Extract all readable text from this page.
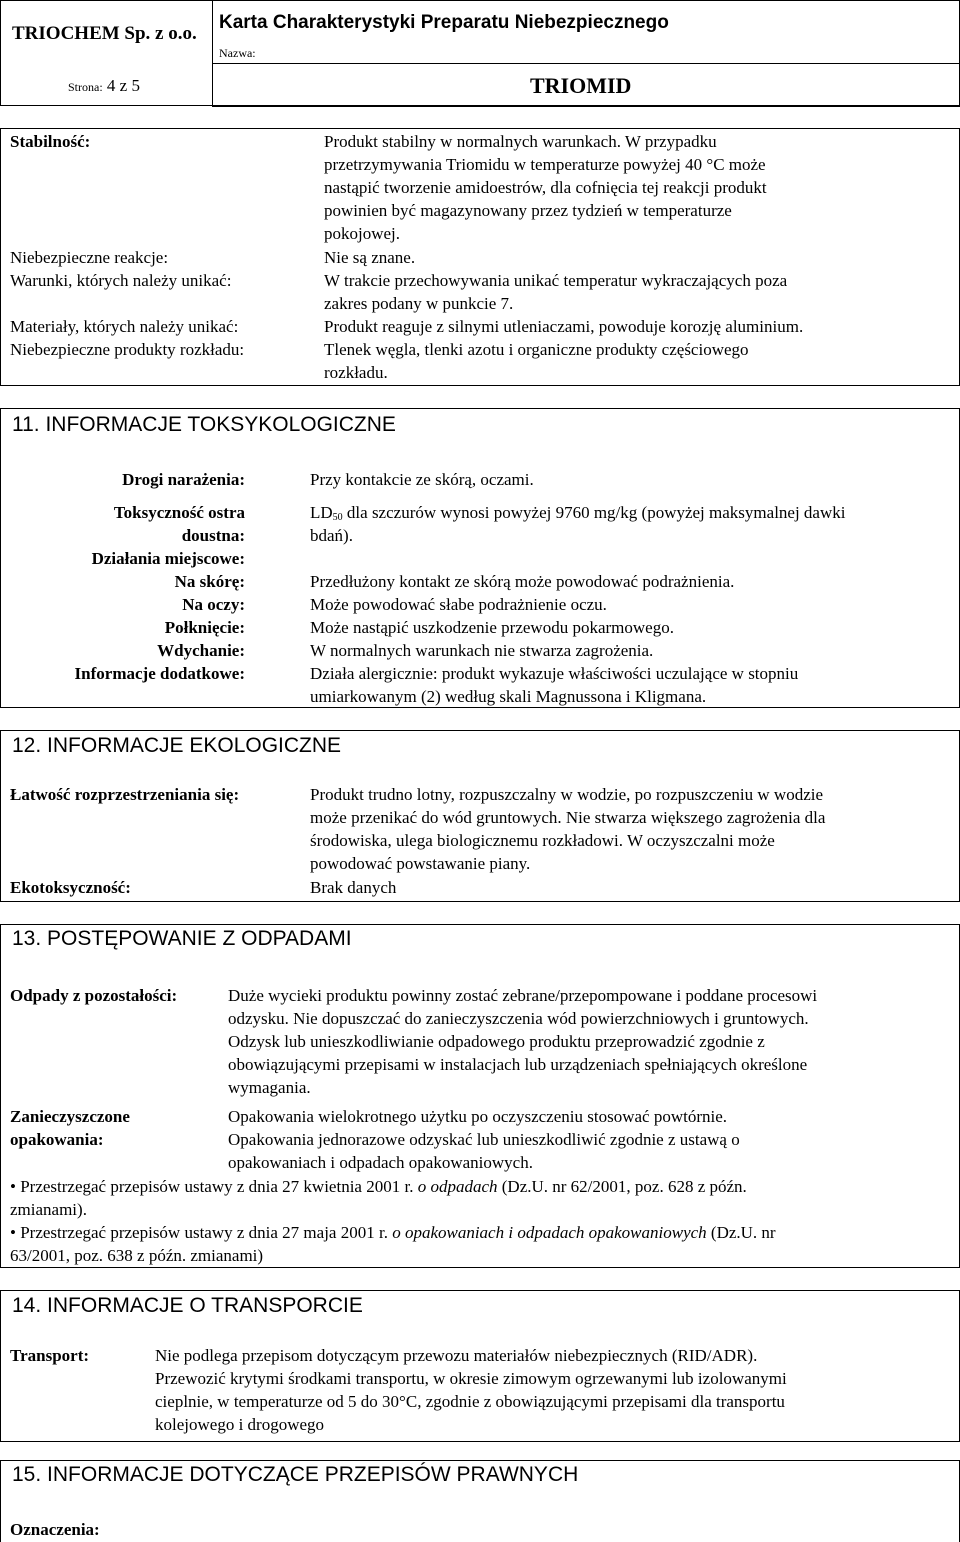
TRIOCHEM Sp. z o.o.
Strona: 4 z 5
Karta Charakterystyki Preparatu Niebezpiecznego
Nazwa:
TRIOMID
Stabilność:
Niebezpieczne reakcje:
Warunki, których należy unikać:
Materiały, których należy unikać:
Niebezpieczne produkty rozkładu:
Produkt stabilny w normalnych warunkach. W przypadku
przetrzymywania Triomidu w temperaturze powyżej 40 °C może
nastąpić tworzenie amidoestrów, dla cofnięcia tej reakcji produkt
powinien być magazynowany przez tydzień w temperaturze
pokojowej.
Nie są znane.
W trakcie przechowywania unikać temperatur wykraczających poza
zakres podany w punkcie 7.
Produkt reaguje z silnymi utleniaczami, powoduje korozję aluminium.
Tlenek węgla, tlenki azotu i organiczne produkty częściowego
rozkładu.
11. INFORMACJE TOKSYKOLOGICZNE
Drogi narażenia:
Toksyczność ostra
doustna:
Działania miejscowe:
Na skórę:
Na oczy:
Połknięcie:
Wdychanie:
Informacje dodatkowe:
Przy kontakcie ze skórą, oczami.
$LD_{50}$ dla szczurów wynosi powyżej 9760 mg/kg (powyżej maksymalnej dawki
bdań).

Przedłużony kontakt ze skórą może powodować podrażnienia.
Może powodować słabe podrażnienie oczu.
Może nastąpić uszkodzenie przewodu pokarmowego.
W normalnych warunkach nie stwarza zagrożenia.
Działa alergicznie: produkt wykazuje właściwości uczulające w stopniu
umiarkowanym (2) według skali Magnussona i Kligmana.
12. INFORMACJE EKOLOGICZNE
Łatwość rozprzestrzeniania się:
Ekotoksyczność:
Produkt trudno lotny, rozpuszczalny w wodzie, po rozpuszczeniu w wodzie
może przenikać do wód gruntowych. Nie stwarza większego zagrożenia dla
środowiska, ulega biologicznemu rozkładowi. W oczyszczalni może
powodować powstawanie piany.
Brak danych
13. POSTĘPOWANIE Z ODPADAMI
Odpady z pozostałości:
Zanieczyszczone
opakowania:
Duże wycieki produktu powinny zostać zebrane/przepompowane i poddane procesowi
odzysku. Nie dopuszczać do zanieczyszczenia wód powierzchniowych i gruntowych.
Odzysk lub unieszkodliwianie odpadowego produktu przeprowadzić zgodnie z
obowiązującymi przepisami w instalacjach lub urządzeniach spełniających określone
wymagania.
Opakowania wielokrotnego użytku po oczyszczeniu stosować powtórnie.
Opakowania jednorazowe odzyskać lub unieszkodliwić zgodnie z ustawą o
opakowaniach i odpadach opakowaniowych.
• Przestrzegać przepisów ustawy z dnia 27 kwietnia 2001 r. o odpadach (Dz.U. nr 62/2001, poz. 628 z późn.
zmianami).
• Przestrzegać przepisów ustawy z dnia 27 maja 2001 r. o opakowaniach i odpadach opakowaniowych (Dz.U. nr
63/2001, poz. 638 z późn. zmianami)
14. INFORMACJE O TRANSPORCIE
Transport:	Nie podlega przepisom dotyczącym przewozu materiałów niebezpiecznych (RID/ADR).
Przewozić krytymi środkami transportu, w okresie zimowym ogrzewanymi lub izolowanymi
cieplnie, w temperaturze od 5 do 30°C, zgodnie z obowiązującymi przepisami dla transportu
kolejowego i drogowego
15. INFORMACJE DOTYCZĄCE PRZEPISÓW PRAWNYCH
Oznaczenia:
